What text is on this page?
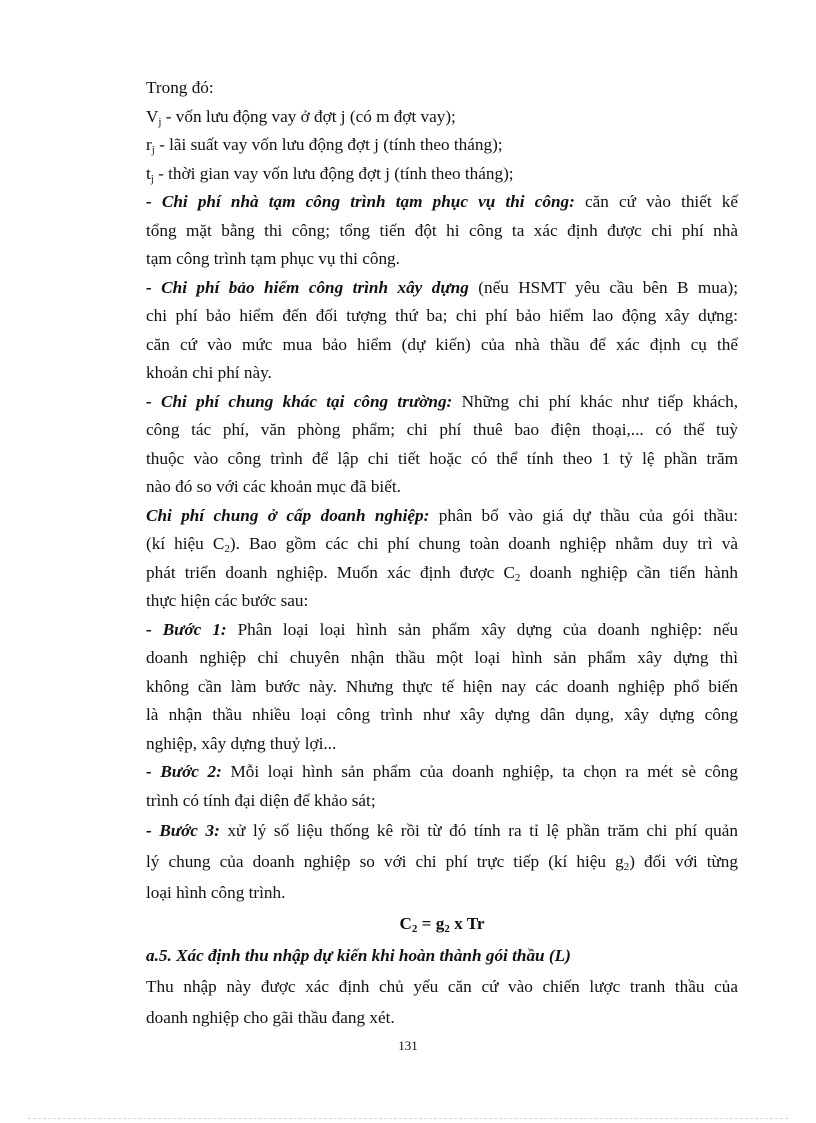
Trong đó:
$V_j$ - vốn lưu động vay ở đợt j (có m đợt vay);
$r_j$ - lãi suất vay vốn lưu động đợt j (tính theo tháng);
$t_j$ - thời gian vay vốn lưu động đợt j (tính theo tháng);
- Chi phí nhà tạm công trình tạm phục vụ thi công: căn cứ vào thiết kế
tổng mặt bằng thi công; tổng tiến đột hi công ta xác định được chi phí nhà
tạm công trình tạm phục vụ thi công.
- Chi phí bảo hiểm công trình xây dựng (nếu HSMT yêu cầu bên B mua);
chi phí bảo hiểm đến đối tượng thứ ba; chi phí bảo hiểm lao động xây dựng:
căn cứ vào mức mua bảo hiểm (dự kiến) của nhà thầu để xác định cụ thể
khoản chi phí này.
- Chi phí chung khác tại công trường: Những chi phí khác như tiếp khách,
công tác phí, văn phòng phẩm; chi phí thuê bao điện thoại,... có thể tuỳ
thuộc vào công trình để lập chi tiết hoặc có thể tính theo 1 tỷ lệ phần trăm
nào đó so với các khoản mục đã biết.
Chi phí chung ở cấp doanh nghiệp: phân bổ vào giá dự thầu của gói thầu:
(kí hiệu $C_2$). Bao gồm các chi phí chung toàn doanh nghiệp nhằm duy trì và
phát triển doanh nghiệp. Muốn xác định được $C_2$ doanh nghiệp cần tiến hành
thực hiện các bước sau:
- Bước 1: Phân loại loại hình sản phẩm xây dựng của doanh nghiệp: nếu
doanh nghiệp chỉ chuyên nhận thầu một loại hình sản phẩm xây dựng thì
không cần làm bước này. Nhưng thực tế hiện nay các doanh nghiệp phổ biến
là nhận thầu nhiều loại công trình như xây dựng dân dụng, xây dựng công
nghiệp, xây dựng thuỷ lợi...
- Bước 2: Mỗi loại hình sản phẩm của doanh nghiệp, ta chọn ra mét sè công
trình có tính đại diện để khảo sát;
- Bước 3: xử lý số liệu thống kê rồi từ đó tính ra tỉ lệ phần trăm chi phí quản
lý chung của doanh nghiệp so với chi phí trực tiếp (kí hiệu $g_2$) đối với từng
loại hình công trình.
$C_2 = g_2$ x Tr
a.5. Xác định thu nhập dự kiến khi hoàn thành gói thầu (L)
Thu nhập này được xác định chủ yếu căn cứ vào chiến lược tranh thầu của
doanh nghiệp cho gãi thầu đang xét.
131
